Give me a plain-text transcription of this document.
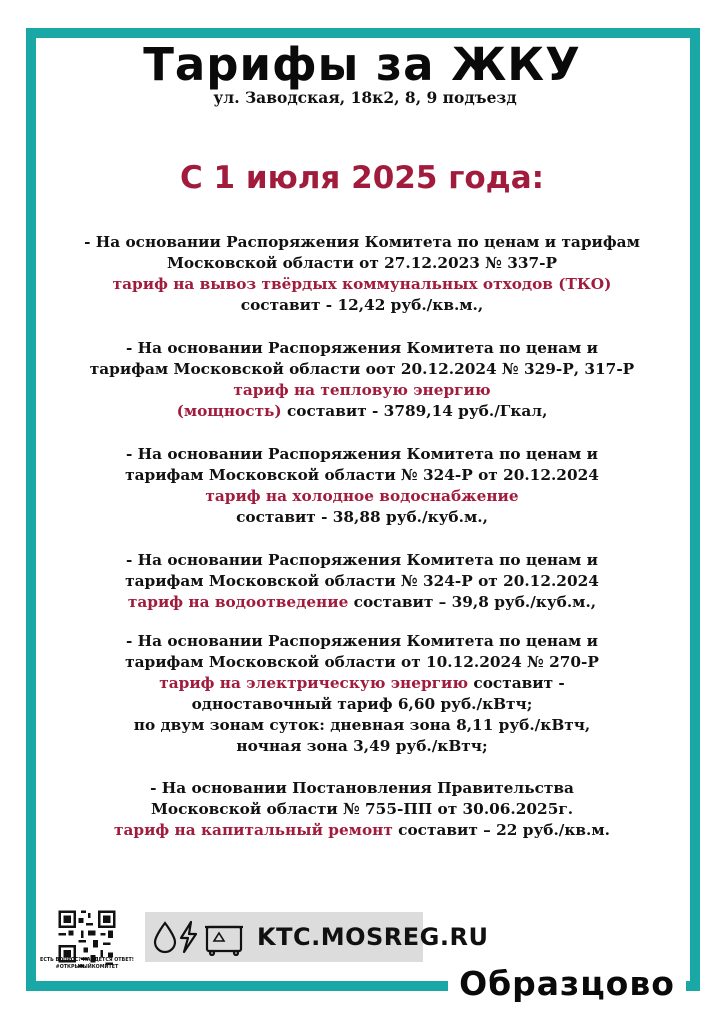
Тарифы за ЖКУ
ул. Заводская, 18к2, 8, 9 подъезд
С 1 июля 2025 года:
- На основании Распоряжения Комитета по ценам и тарифам
Московской области от 27.12.2023 № 337-Р
тариф на вывоз твёрдых коммунальных отходов (ТКО)
составит - 12,42 руб./кв.м.,
- На основании Распоряжения Комитета по ценам и
тарифам Московской области оот 20.12.2024 № 329-Р, 317-Р
тариф на тепловую энергию
(мощность) составит - 3789,14 руб./Гкал,
- На основании Распоряжения Комитета по ценам и
тарифам Московской области № 324-Р от 20.12.2024
тариф на холодное водоснабжение
составит - 38,88 руб./куб.м.,
- На основании Распоряжения Комитета по ценам и
тарифам Московской области № 324-Р от 20.12.2024
тариф на водоотведение составит – 39,8 руб./куб.м.,
- На основании Распоряжения Комитета по ценам и
тарифам Московской области от 10.12.2024 № 270-Р
тариф на электрическую энергию составит -
одноставочный тариф 6,60 руб./кВтч;
по двум зонам суток: дневная зона 8,11 руб./кВтч,
ночная зона 3,49 руб./кВтч;
- На основании Постановления Правительства
Московской области № 755-ПП от 30.06.2025г.
тариф на капитальный ремонт составит – 22 руб./кв.м.
ЕСТЬ ВОПРОС? НАЙДЕТСЯ ОТВЕТ!
#ОТКРЫТЫЙКОМИТЕТ
KTC.MOSREG.RU
Образцово
